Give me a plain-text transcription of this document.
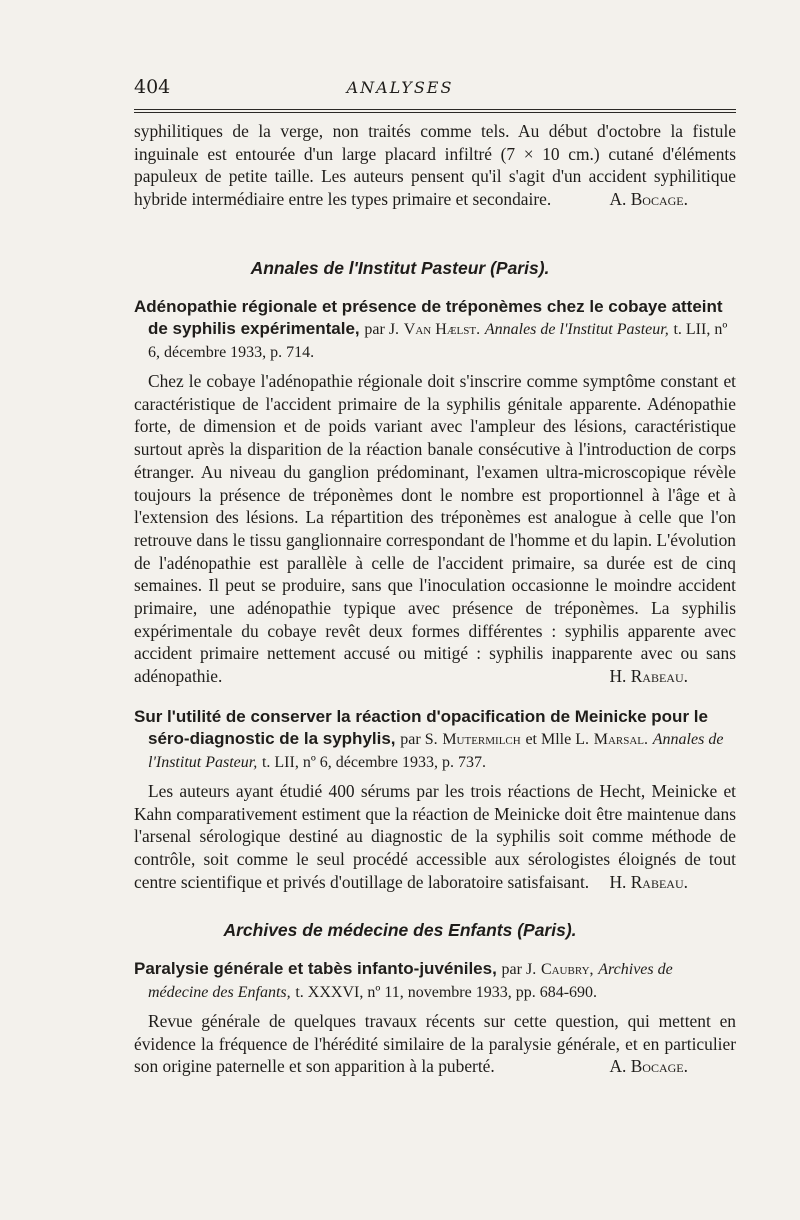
404	ANALYSES

syphilitiques de la verge, non traités comme tels. Au début d'octobre la fistule inguinale est entourée d'un large placard infiltré (7 × 10 cm.) cutané d'éléments papuleux de petite taille. Les auteurs pensent qu'il s'agit d'un accident syphilitique hybride intermédiaire entre les types primaire et secondaire.	A. Bocage.
Annales de l'Institut Pasteur (Paris).
Adénopathie régionale et présence de tréponèmes chez le cobaye atteint de syphilis expérimentale, par J. Van Hælst. Annales de l'Institut Pasteur, t. LII, nº 6, décembre 1933, p. 714.

Chez le cobaye l'adénopathie régionale doit s'inscrire comme symptôme constant et caractéristique de l'accident primaire de la syphilis génitale apparente. Adénopathie forte, de dimension et de poids variant avec l'ampleur des lésions, caractéristique surtout après la disparition de la réaction banale consécutive à l'introduction de corps étranger. Au niveau du ganglion prédominant, l'examen ultra-microscopique révèle toujours la présence de tréponèmes dont le nombre est proportionnel à l'âge et à l'extension des lésions. La répartition des tréponèmes est analogue à celle que l'on retrouve dans le tissu ganglionnaire correspondant de l'homme et du lapin. L'évolution de l'adénopathie est parallèle à celle de l'accident primaire, sa durée est de cinq semaines. Il peut se produire, sans que l'inoculation occasionne le moindre accident primaire, une adénopathie typique avec présence de tréponèmes. La syphilis expérimentale du cobaye revêt deux formes différentes : syphilis apparente avec accident primaire nettement accusé ou mitigé : syphilis inapparente avec ou sans adénopathie.	H. Rabeau.
Sur l'utilité de conserver la réaction d'opacification de Meinicke pour le séro-diagnostic de la syphylis, par S. Mutermilch et Mlle L. Marsal. Annales de l'Institut Pasteur, t. LII, nº 6, décembre 1933, p. 737.

Les auteurs ayant étudié 400 sérums par les trois réactions de Hecht, Meinicke et Kahn comparativement estiment que la réaction de Meinicke doit être maintenue dans l'arsenal sérologique destiné au diagnostic de la syphilis soit comme méthode de contrôle, soit comme le seul procédé accessible aux sérologistes éloignés de tout centre scientifique et privés d'outillage de laboratoire satisfaisant.	H. Rabeau.
Archives de médecine des Enfants (Paris).
Paralysie générale et tabès infanto-juvéniles, par J. Caubry, Archives de médecine des Enfants, t. XXXVI, nº 11, novembre 1933, pp. 684-690.

Revue générale de quelques travaux récents sur cette question, qui mettent en évidence la fréquence de l'hérédité similaire de la paralysie générale, et en particulier son origine paternelle et son apparition à la puberté.	A. Bocage.
